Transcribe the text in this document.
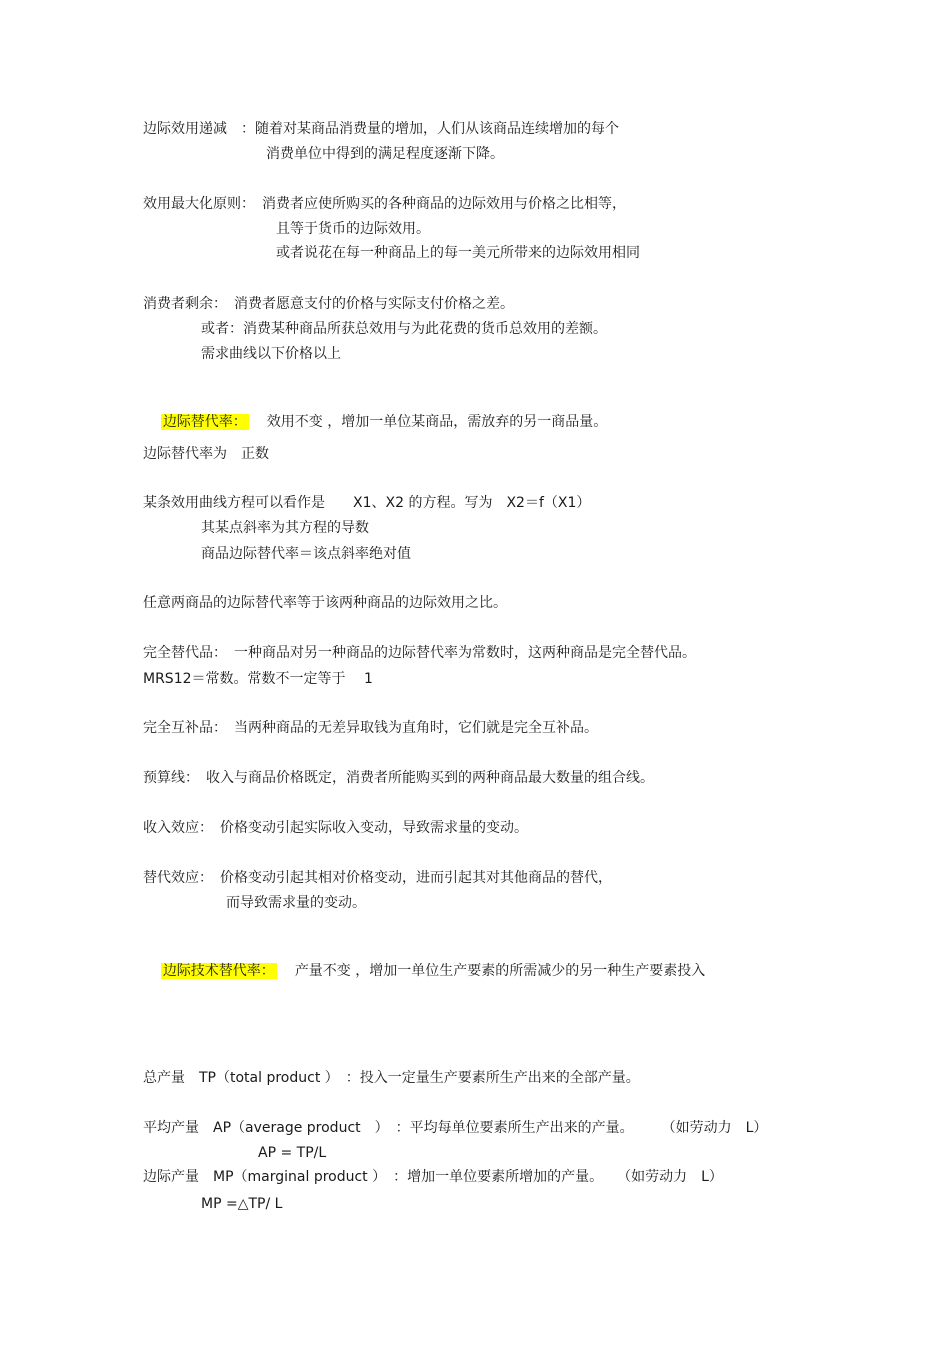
边际效用递减　：随着对某商品消费量的增加，人们从该商品连续增加的每个
消费单位中得到的满足程度逐渐下降。
效用最大化原则：　消费者应使所购买的各种商品的边际效用与价格之比相等，
且等于货币的边际效用。
或者说花在每一种商品上的每一美元所带来的边际效用相同
消费者剩余：　消费者愿意支付的价格与实际支付价格之差。
或者：消费某种商品所获总效用与为此花费的货币总效用的差额。
需求曲线以下价格以上

边际替代率： 效用不变 ，增加一单位某商品，需放弃的另一商品量。

边际替代率为　正数
某条效用曲线方程可以看作是　　X1、X2 的方程。写为　X2＝f（X1）
其某点斜率为其方程的导数
商品边际替代率＝该点斜率绝对值
任意两商品的边际替代率等于该两种商品的边际效用之比。
完全替代品：　一种商品对另一种商品的边际替代率为常数时，这两种商品是完全替代品。
MRS12＝常数。常数不一定等于　 1
完全互补品：　当两种商品的无差异取钱为直角时，它们就是完全互补品。
预算线：　收入与商品价格既定，消费者所能购买到的两种商品最大数量的组合线。
收入效应：　价格变动引起实际收入变动，导致需求量的变动。
替代效应：　价格变动引起其相对价格变动，进而引起其对其他商品的替代，
而导致需求量的变动。

边际技术替代率： 产量不变 ，增加一单位生产要素的所需减少的另一种生产要素投入

总产量　TP（total product ）　：投入一定量生产要素所生产出来的全部产量。
平均产量　AP（average product　）　：平均每单位要素所生产出来的产量。　　　（如劳动力　L）
AP = TP/L
边际产量　MP（marginal product ）　：增加一单位要素所增加的产量。　　（如劳动力　L）
MP =△TP/ L
